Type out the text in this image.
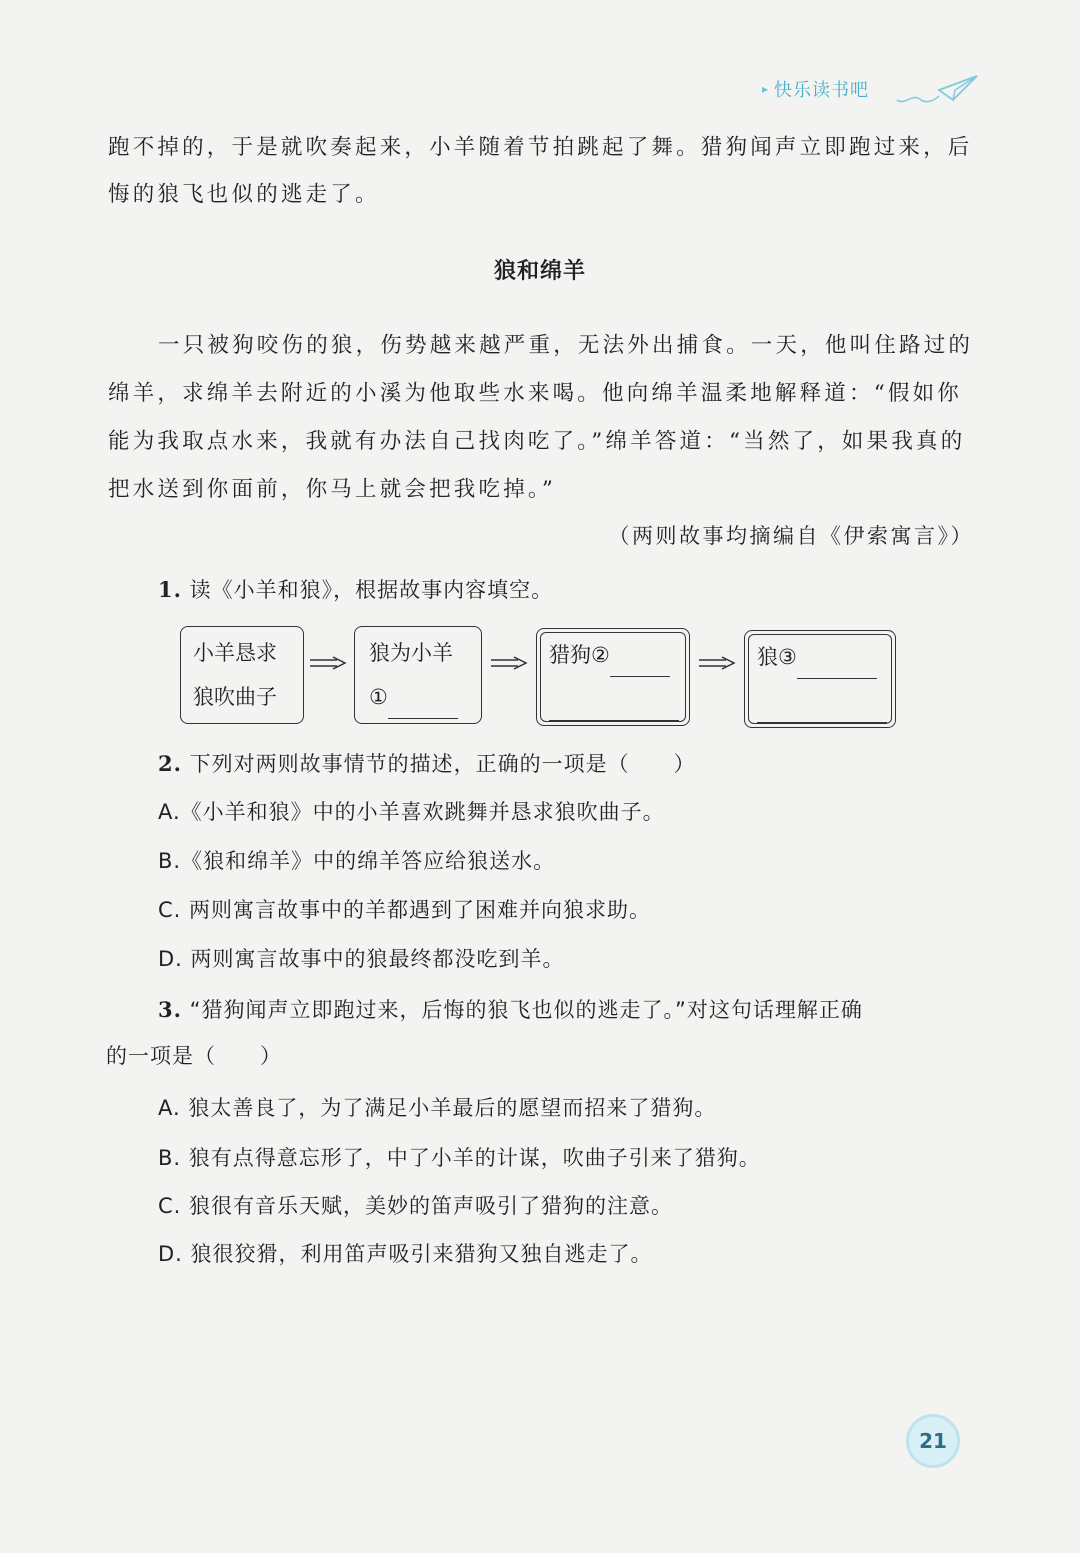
▸ 快乐读书吧
跑不掉的，于是就吹奏起来，小羊随着节拍跳起了舞。猎狗闻声立即跑过来，后
悔的狼飞也似的逃走了。
狼和绵羊
一只被狗咬伤的狼，伤势越来越严重，无法外出捕食。一天，他叫住路过的
绵羊，求绵羊去附近的小溪为他取些水来喝。他向绵羊温柔地解释道：“假如你
能为我取点水来，我就有办法自己找肉吃了。”绵羊答道：“当然了，如果我真的
把水送到你面前，你马上就会把我吃掉。”
（两则故事均摘编自《伊索寓言》）
1. 读《小羊和狼》，根据故事内容填空。
小羊恳求
狼吹曲子
狼为小羊
①
猎狗②	狼③
2. 下列对两则故事情节的描述，正确的一项是（　　）
A.《小羊和狼》中的小羊喜欢跳舞并恳求狼吹曲子。
B.《狼和绵羊》中的绵羊答应给狼送水。
C. 两则寓言故事中的羊都遇到了困难并向狼求助。
D. 两则寓言故事中的狼最终都没吃到羊。
3. “猎狗闻声立即跑过来，后悔的狼飞也似的逃走了。”对这句话理解正确
的一项是（　　）
A. 狼太善良了，为了满足小羊最后的愿望而招来了猎狗。
B. 狼有点得意忘形了，中了小羊的计谋，吹曲子引来了猎狗。
C. 狼很有音乐天赋，美妙的笛声吸引了猎狗的注意。
D. 狼很狡猾，利用笛声吸引来猎狗又独自逃走了。
21
